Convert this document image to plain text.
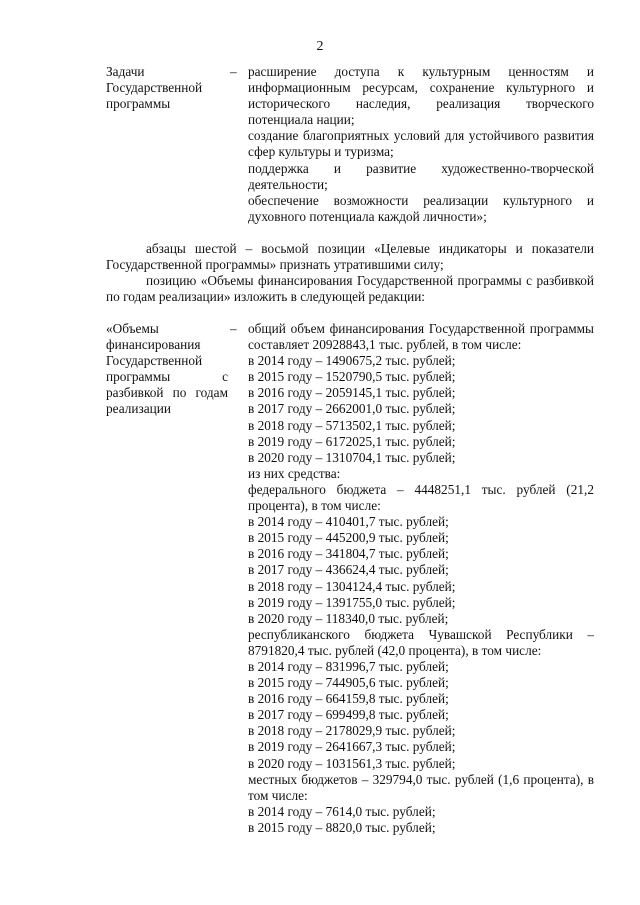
2
Задачи Государственной программы
– расширение доступа к культурным ценностям и информационным ресурсам, сохранение культурного и исторического наследия, реализация творческого потенциала нации;
создание благоприятных условий для устойчивого развития сфер культуры и туризма;
поддержка и развитие художественно-творческой деятельности;
обеспечение возможности реализации культурного и духовного потенциала каждой личности»;
абзацы шестой – восьмой позиции «Целевые индикаторы и показатели Государственной программы» признать утратившими силу;
позицию «Объемы финансирования Государственной программы с разбивкой по годам реализации» изложить в следующей редакции:
«Объемы финансирования Государственной программы с разбивкой по годам реализации
– общий объем финансирования Государственной программы составляет 20928843,1 тыс. рублей, в том числе:
в 2014 году – 1490675,2 тыс. рублей;
в 2015 году – 1520790,5 тыс. рублей;
в 2016 году – 2059145,1 тыс. рублей;
в 2017 году – 2662001,0 тыс. рублей;
в 2018 году – 5713502,1 тыс. рублей;
в 2019 году – 6172025,1 тыс. рублей;
в 2020 году – 1310704,1 тыс. рублей;
из них средства:
федерального бюджета – 4448251,1 тыс. рублей (21,2 процента), в том числе:
в 2014 году – 410401,7 тыс. рублей;
в 2015 году – 445200,9 тыс. рублей;
в 2016 году – 341804,7 тыс. рублей;
в 2017 году – 436624,4 тыс. рублей;
в 2018 году – 1304124,4 тыс. рублей;
в 2019 году – 1391755,0 тыс. рублей;
в 2020 году – 118340,0 тыс. рублей;
республиканского бюджета Чувашской Республики – 8791820,4 тыс. рублей (42,0 процента), в том числе:
в 2014 году – 831996,7 тыс. рублей;
в 2015 году – 744905,6 тыс. рублей;
в 2016 году – 664159,8 тыс. рублей;
в 2017 году – 699499,8 тыс. рублей;
в 2018 году – 2178029,9 тыс. рублей;
в 2019 году – 2641667,3 тыс. рублей;
в 2020 году – 1031561,3 тыс. рублей;
местных бюджетов – 329794,0 тыс. рублей (1,6 процента), в том числе:
в 2014 году – 7614,0 тыс. рублей;
в 2015 году – 8820,0 тыс. рублей;
